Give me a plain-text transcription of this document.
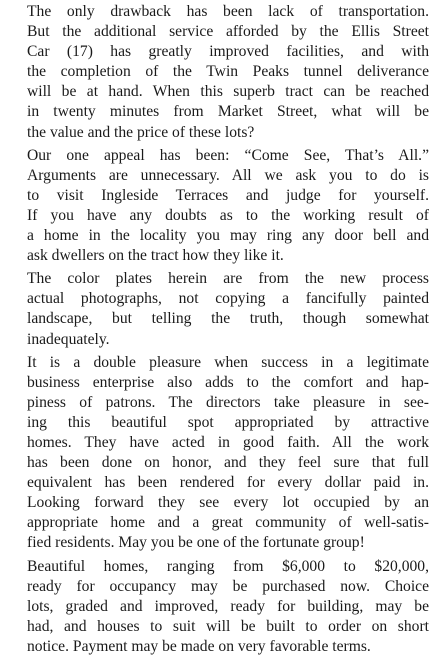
The only drawback has been lack of transportation.
But the additional service afforded by the Ellis Street
Car (17) has greatly improved facilities, and with
the completion of the Twin Peaks tunnel deliverance
will be at hand. When this superb tract can be reached
in twenty minutes from Market Street, what will be
the value and the price of these lots?
Our one appeal has been: “Come See, That’s All.”
Arguments are unnecessary. All we ask you to do is
to visit Ingleside Terraces and judge for yourself.
If you have any doubts as to the working result of
a home in the locality you may ring any door bell and
ask dwellers on the tract how they like it.
The color plates herein are from the new process
actual photographs, not copying a fancifully painted
landscape, but telling the truth, though somewhat
inadequately.
It is a double pleasure when success in a legitimate
business enterprise also adds to the comfort and hap-
piness of patrons. The directors take pleasure in see-
ing this beautiful spot appropriated by attractive
homes. They have acted in good faith. All the work
has been done on honor, and they feel sure that full
equivalent has been rendered for every dollar paid in.
Looking forward they see every lot occupied by an
appropriate home and a great community of well-satis-
fied residents. May you be one of the fortunate group!
Beautiful homes, ranging from $6,000 to $20,000,
ready for occupancy may be purchased now. Choice
lots, graded and improved, ready for building, may be
had, and houses to suit will be built to order on short
notice. Payment may be made on very favorable terms.
